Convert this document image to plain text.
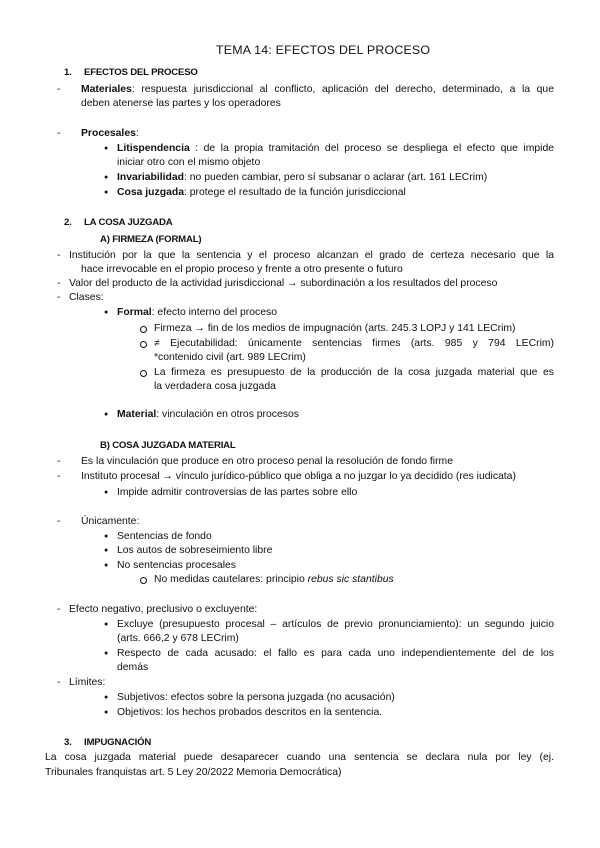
TEMA 14: EFECTOS DEL PROCESO
1. EFECTOS DEL PROCESO
- Materiales: respuesta jurisdiccional al conflicto, aplicación del derecho, determinado, a la que
deben atenerse las partes y los operadores
- Procesales:
● Litispendencia : de la propia tramitación del proceso se despliega el efecto que impide
iniciar otro con el mismo objeto
● Invariabilidad: no pueden cambiar, pero sí subsanar o aclarar (art. 161 LECrim)
● Cosa juzgada: protege el resultado de la función jurisdiccional
2. LA COSA JUZGADA
A) FIRMEZA (FORMAL)
- Institución por la que la sentencia y el proceso alcanzan el grado de certeza necesario que la
hace irrevocable en el propio proceso y frente a otro presente o futuro
- Valor del producto de la actividad jurisdiccional → subordinación a los resultados del proceso
- Clases:
● Formal: efecto interno del proceso
Firmeza → fin de los medios de impugnación (arts. 245.3 LOPJ y 141 LECrim)
≠ Ejecutabilidad: únicamente sentencias firmes (arts. 985 y 794 LECrim)
*contenido civil (art. 989 LECrim)
La firmeza es presupuesto de la producción de la cosa juzgada material que es
la verdadera cosa juzgada
● Material: vinculación en otros procesos
B) COSA JUZGADA MATERIAL
- Es la vinculación que produce en otro proceso penal la resolución de fondo firme
- Instituto procesal → vínculo jurídico-público que obliga a no juzgar lo ya decidido (res iudicata)
● Impide admitir controversias de las partes sobre ello
- Únicamente:
● Sentencias de fondo
● Los autos de sobreseimiento libre
● No sentencias procesales
No medidas cautelares: principio rebus sic stantibus
- Efecto negativo, preclusivo o excluyente:
● Excluye (presupuesto procesal – artículos de previo pronunciamiento): un segundo juicio
(arts. 666,2 y 678 LECrim)
● Respecto de cada acusado: el fallo es para cada uno independientemente del de los
demás
- Límites:
● Subjetivos: efectos sobre la persona juzgada (no acusación)
● Objetivos: los hechos probados descritos en la sentencia.
3. IMPUGNACIÓN
La cosa juzgada material puede desaparecer cuando una sentencia se declara nula por ley (ej.
Tribunales franquistas art. 5 Ley 20/2022 Memoria Democrática)
